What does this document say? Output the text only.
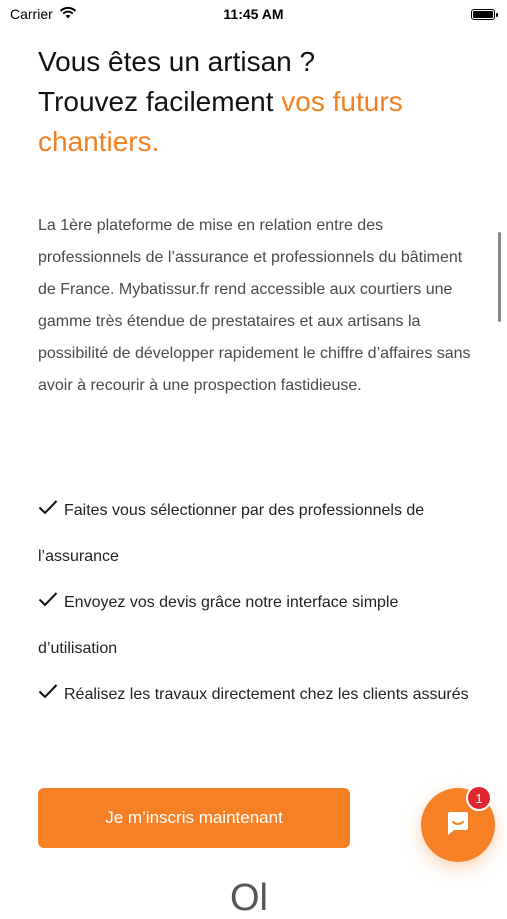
Carrier	11:45 AM
Vous êtes un artisan ?
Trouvez facilement vos futurs chantiers.

La 1ère plateforme de mise en relation entre des professionnels de l’assurance et professionnels du bâtiment de France. Mybatissur.fr rend accessible aux courtiers une gamme très étendue de prestataires et aux artisans la possibilité de développer rapidement le chiffre d’affaires sans avoir à recourir à une prospection fastidieuse.

Faites vous sélectionner par des professionnels de l’assurance
Envoyez vos devis grâce notre interface simple d’utilisation
Réalisez les travaux directement chez les clients assurés
Je m’inscris maintenant
1
Ol
